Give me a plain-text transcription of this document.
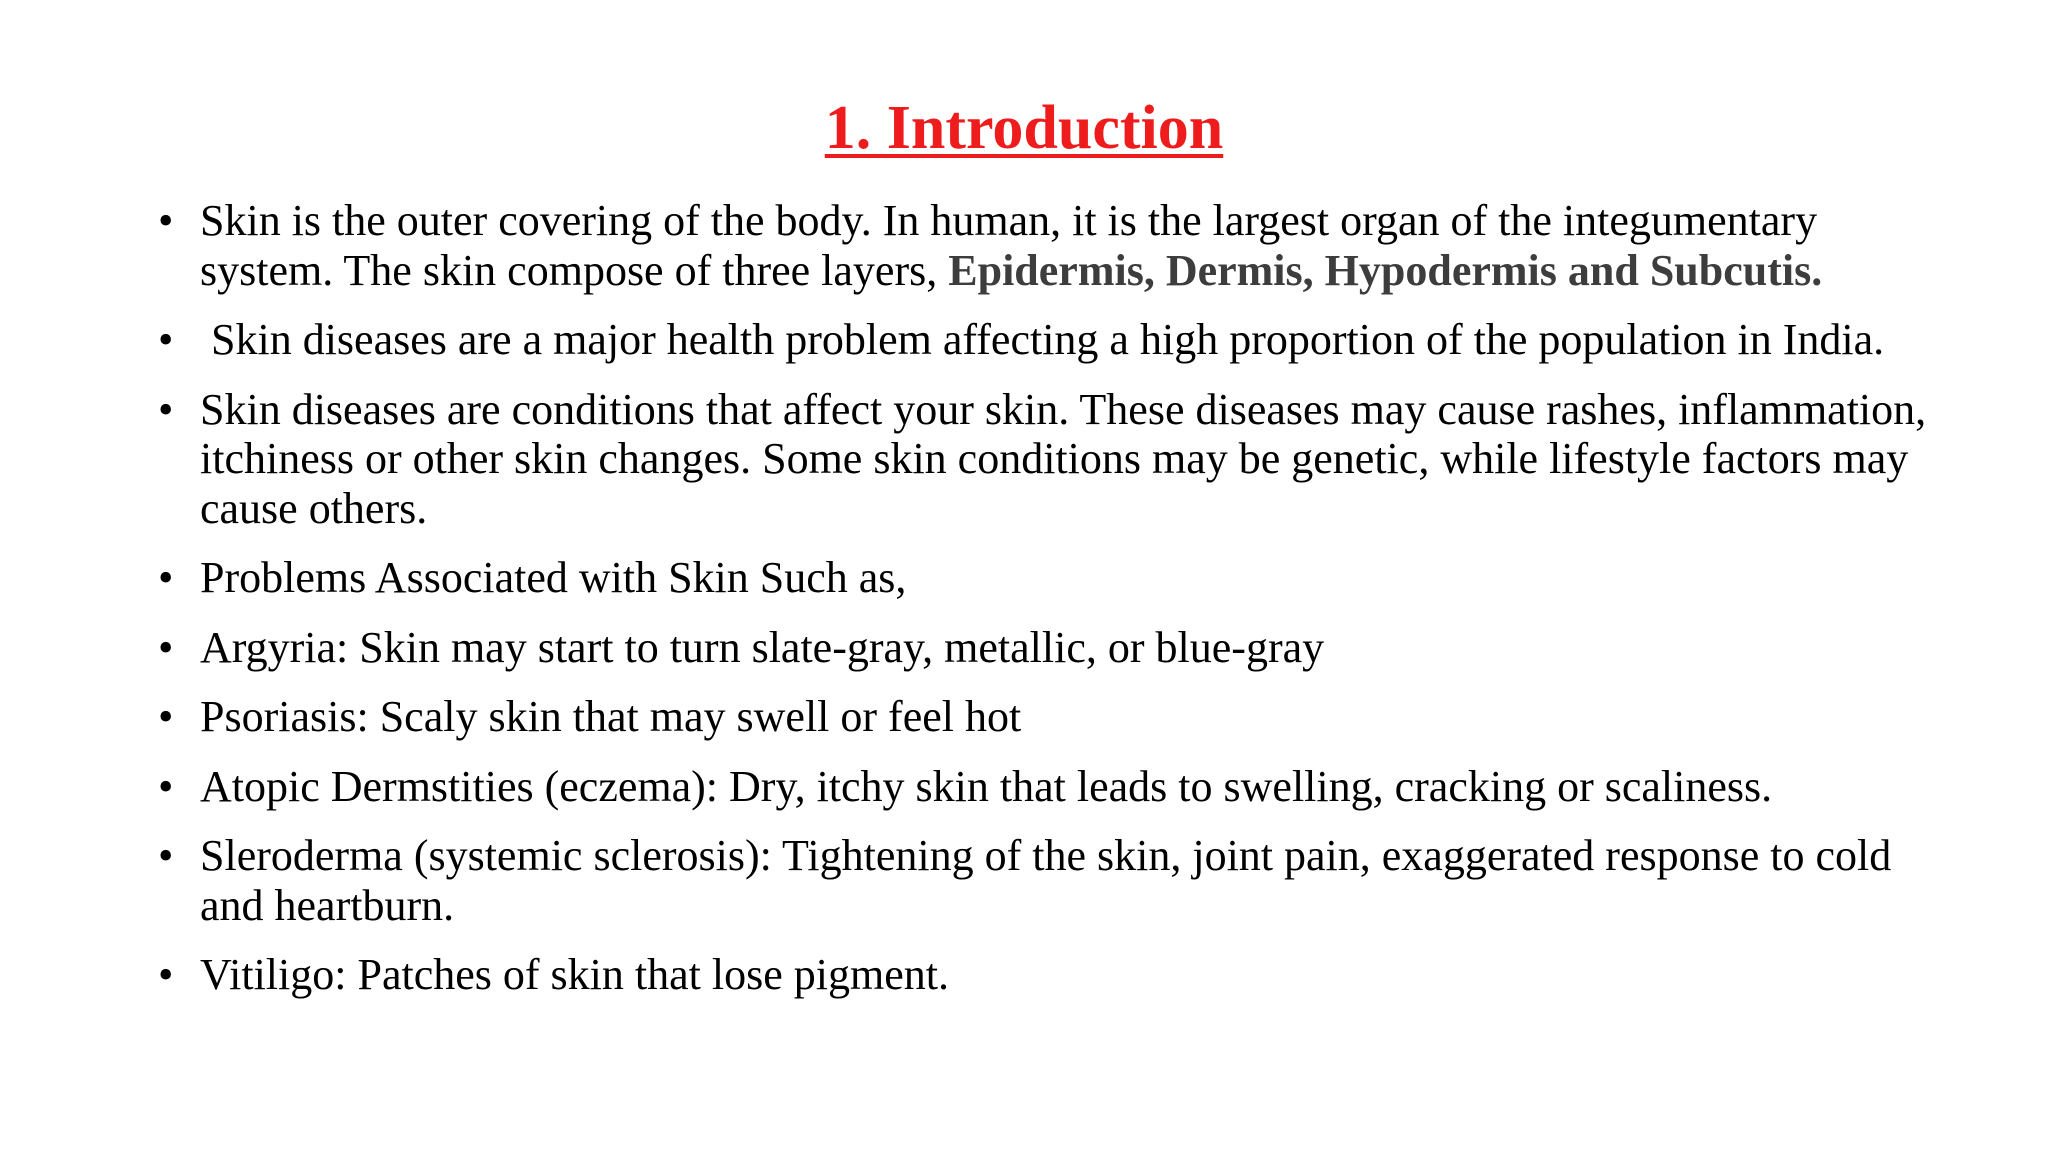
1. Introduction
• Skin is the outer covering of the body. In human, it is the largest organ of the integumentary system. The skin compose of three layers, Epidermis, Dermis, Hypodermis and Subcutis.
• Skin diseases are a major health problem affecting a high proportion of the population in India.
• Skin diseases are conditions that affect your skin. These diseases may cause rashes, inflammation, itchiness or other skin changes. Some skin conditions may be genetic, while lifestyle factors may cause others.
• Problems Associated with Skin Such as,
• Argyria: Skin may start to turn slate-gray, metallic, or blue-gray
• Psoriasis: Scaly skin that may swell or feel hot
• Atopic Dermstities (eczema): Dry, itchy skin that leads to swelling, cracking or scaliness.
• Sleroderma (systemic sclerosis): Tightening of the skin, joint pain, exaggerated response to cold and heartburn.
• Vitiligo: Patches of skin that lose pigment.
